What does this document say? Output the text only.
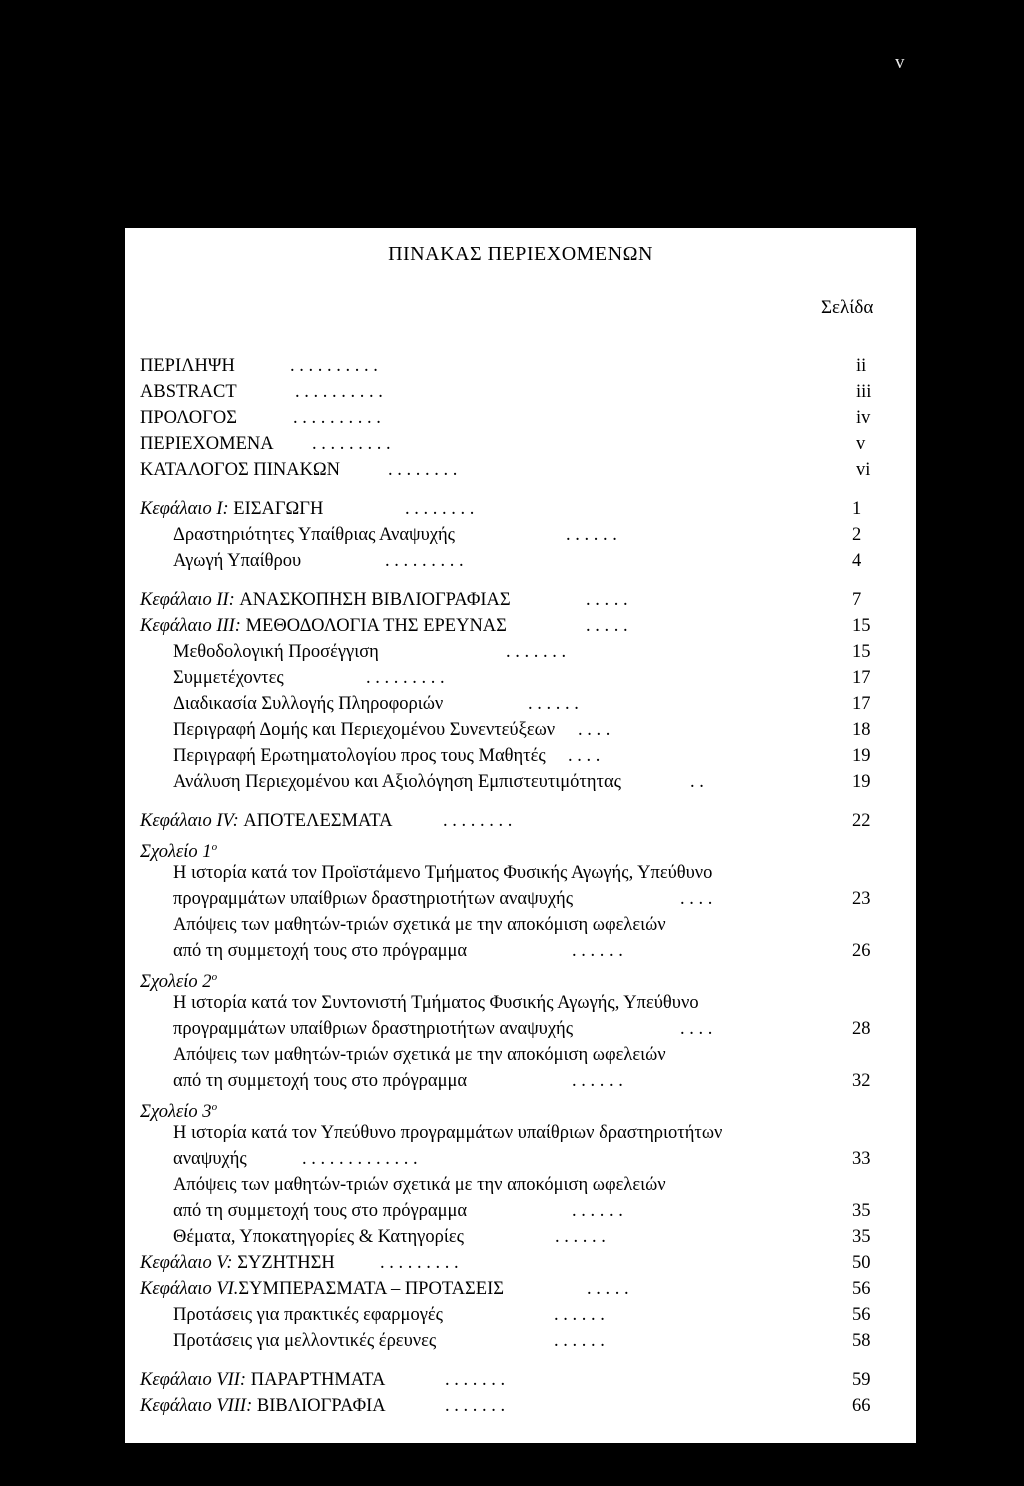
v
ΠΙΝΑΚΑΣ ΠΕΡΙΕΧΟΜΕΝΩΝ
Σελίδα
ΠΕΡΙΛΗΨΗ	. . . . . . . . . .	ii
ABSTRACT	. . . . . . . . . .	iii
ΠΡΟΛΟΓΟΣ	. . . . . . . . . .	iv
ΠΕΡΙΕΧΟΜΕΝΑ . . . . . . . . .	v
ΚΑΤΑΛΟΓΟΣ ΠΙΝΑΚΩΝ	. . . . . . . .	vi
Κεφάλαιο I: ΕΙΣΑΓΩΓΗ	. . . . . . . .	1
Δραστηριότητες Υπαίθριας Αναψυχής	. . . . . .	2
Αγωγή Υπαίθρου	. . . . . . . . .	4
Κεφάλαιο II: ΑΝΑΣΚΟΠΗΣΗ ΒΙΒΛΙΟΓΡΑΦΙΑΣ	. . . . .	7
Κεφάλαιο III: ΜΕΘΟΔΟΛΟΓΙΑ ΤΗΣ ΕΡΕΥΝΑΣ	. . . . .	15
Μεθοδολογική Προσέγγιση	. . . . . . .	15
Συμμετέχοντες	. . . . . . . . .	17
Διαδικασία Συλλογής Πληροφοριών	. . . . . .	17
Περιγραφή Δομής και Περιεχομένου Συνεντεύξεων . . . .	18
Περιγραφή Ερωτηματολογίου προς τους Μαθητές . . . .	19
Ανάλυση Περιεχομένου και Αξιολόγηση Εμπιστευτιμότητας	. .	19
Κεφάλαιο IV: ΑΠΟΤΕΛΕΣΜΑΤΑ	. . . . . . . .	22
Σχολείο $1^o$
Η ιστορία κατά τον Προϊστάμενο Τμήματος Φυσικής Αγωγής, Υπεύθυνο
προγραμμάτων υπαίθριων δραστηριοτήτων αναψυχής	. . . .	23
Απόψεις των μαθητών-τριών σχετικά με την αποκόμιση ωφελειών
από τη συμμετοχή τους στο πρόγραμμα	. . . . . .	26
Σχολείο $2^o$
Η ιστορία κατά τον Συντονιστή Τμήματος Φυσικής Αγωγής, Υπεύθυνο
προγραμμάτων υπαίθριων δραστηριοτήτων αναψυχής	. . . .	28
Απόψεις των μαθητών-τριών σχετικά με την αποκόμιση ωφελειών
από τη συμμετοχή τους στο πρόγραμμα	. . . . . .	32
Σχολείο $3^o$
Η ιστορία κατά τον Υπεύθυνο προγραμμάτων υπαίθριων δραστηριοτήτων
αναψυχής	. . . . . . . . . . . . .	33
Απόψεις των μαθητών-τριών σχετικά με την αποκόμιση ωφελειών
από τη συμμετοχή τους στο πρόγραμμα	. . . . . .	35
Θέματα, Υποκατηγορίες & Κατηγορίες	. . . . . .	35
Κεφάλαιο V: ΣΥΖΗΤΗΣΗ . . . . . . . . .	50
Κεφάλαιο VI.ΣΥΜΠΕΡΑΣΜΑΤΑ – ΠΡΟΤΑΣΕΙΣ	. . . . .	56
Προτάσεις για πρακτικές εφαρμογές	. . . . . .	56
Προτάσεις για μελλοντικές έρευνες	. . . . . .	58
Κεφάλαιο VII: ΠΑΡΑΡΤΗΜΑΤΑ	. . . . . . .	59
Κεφάλαιο VIII: ΒΙΒΛΙΟΓΡΑΦΙΑ	. . . . . . .	66
